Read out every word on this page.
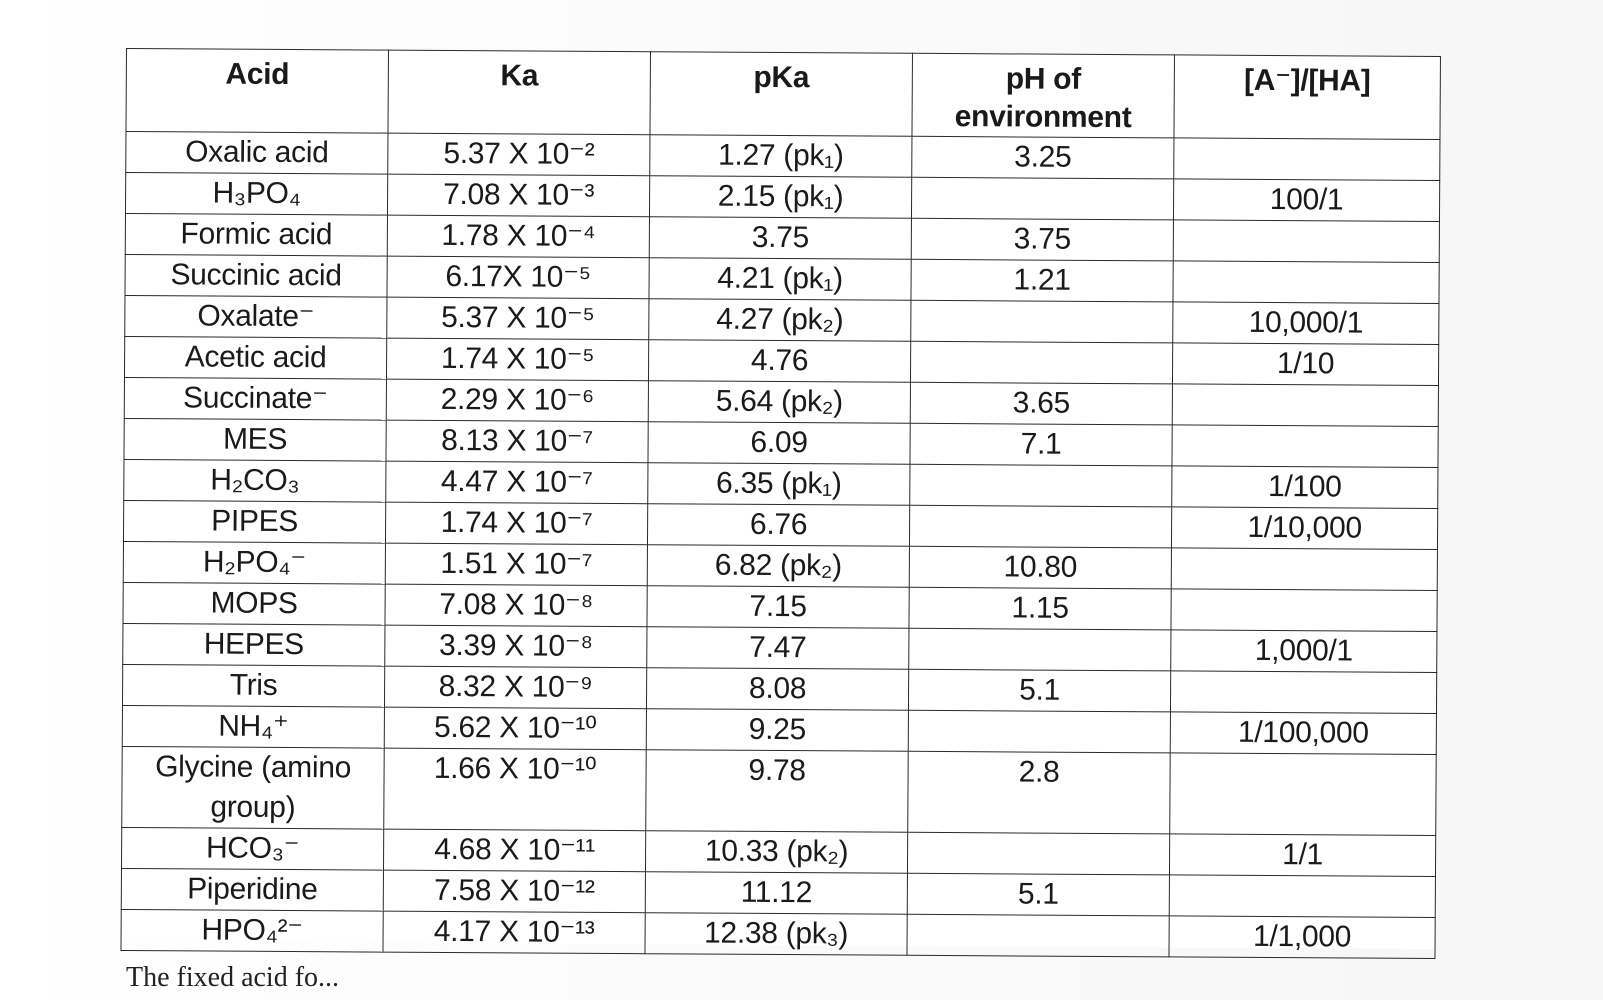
Acid	Ka	pKa	pH of
environment	[A⁻]/[HA]

Oxalic acid	5.37 X 10⁻²	1.27 (pk₁)	3.25	

H₃PO₄	7.08 X 10⁻³	2.15 (pk₁)		100/1

Formic acid	1.78 X 10⁻⁴	3.75	3.75	

Succinic acid	6.17X 10⁻⁵	4.21 (pk₁)	1.21	

Oxalate⁻	5.37 X 10⁻⁵	4.27 (pk₂)		10,000/1

Acetic acid	1.74 X 10⁻⁵	4.76		1/10

Succinate⁻	2.29 X 10⁻⁶	5.64 (pk₂)	3.65	

MES	8.13 X 10⁻⁷	6.09	7.1	

H₂CO₃	4.47 X 10⁻⁷	6.35 (pk₁)		1/100

PIPES	1.74 X 10⁻⁷	6.76		1/10,000

H₂PO₄⁻	1.51 X 10⁻⁷	6.82 (pk₂)	10.80	

MOPS	7.08 X 10⁻⁸	7.15	1.15	

HEPES	3.39 X 10⁻⁸	7.47		1,000/1

Tris	8.32 X 10⁻⁹	8.08	5.1	

NH₄⁺	5.62 X 10⁻¹⁰	9.25		1/100,000

Glycine (amino
group)	1.66 X 10⁻¹⁰	9.78	2.8	

HCO₃⁻	4.68 X 10⁻¹¹	10.33 (pk₂)		1/1

Piperidine	7.58 X 10⁻¹²	11.12	5.1	

HPO₄²⁻	4.17 X 10⁻¹³	12.38 (pk₃)		1/1,000
The fixed acid fo...
